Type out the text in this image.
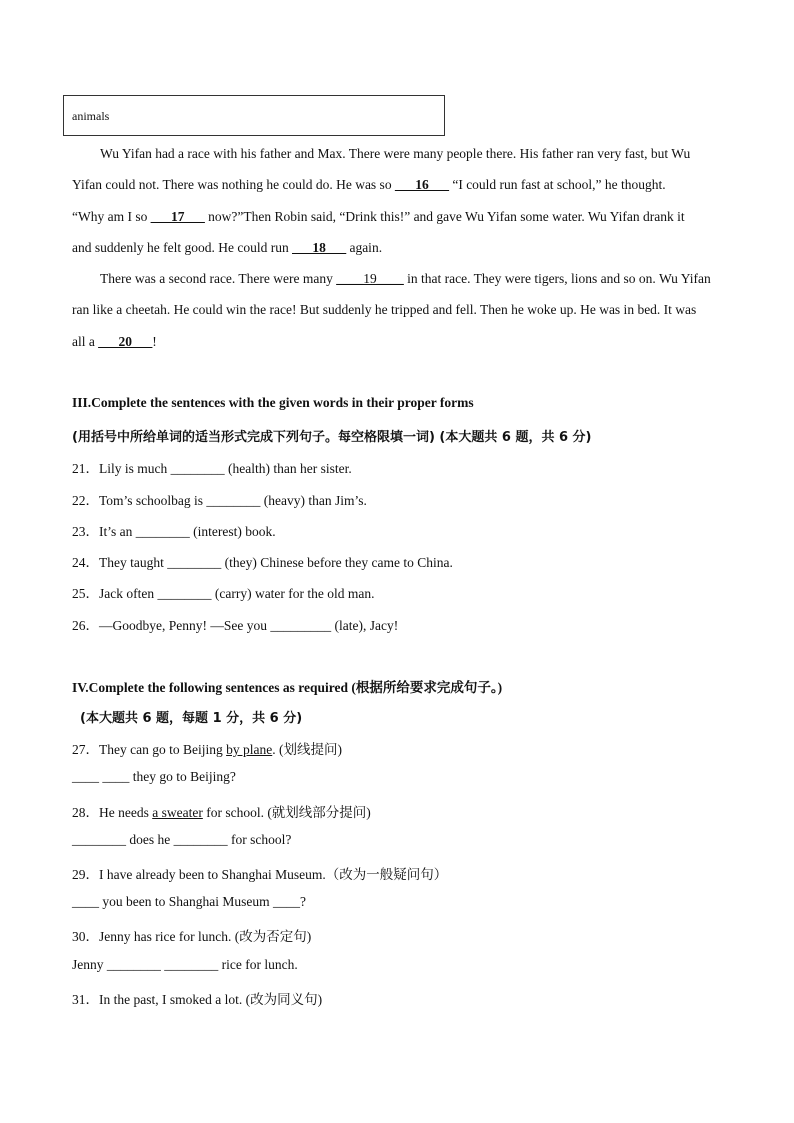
animals
Wu Yifan had a race with his father and Max. There were many people there. His father ran very fast, but Wu
Yifan could not. There was nothing he could do. He was so ___16___ “I could run fast at school,” he thought.
“Why am I so ___17___ now?”Then Robin said, “Drink this!” and gave Wu Yifan some water. Wu Yifan drank it
and suddenly he felt good. He could run ___18___ again.
There was a second race. There were many ____19____ in that race. They were tigers, lions and so on. Wu Yifan
ran like a cheetah. He could win the race! But suddenly he tripped and fell. Then he woke up. He was in bed. It was
all a ___20___!
III.Complete the sentences with the given words in their proper forms
(用括号中所给单词的适当形式完成下列句子。每空格限填一词) (本大题共 6 题，共 6 分)
21．Lily is much ________ (health) than her sister.
22．Tom’s schoolbag is ________ (heavy) than Jim’s.
23．It’s an ________ (interest) book.
24．They taught ________ (they) Chinese before they came to China.
25．Jack often ________ (carry) water for the old man.
26．—Goodbye, Penny! —See you _________ (late), Jacy!
IV.Complete the following sentences as required (根据所给要求完成句子。)
(本大题共 6 题，每题 1 分，共 6 分)
27．They can go to Beijing by plane. (划线提问)
____ ____ they go to Beijing?
28．He needs a sweater for school. (就划线部分提问)
________ does he ________ for school?
29．I have already been to Shanghai Museum.（改为一般疑问句）
____ you been to Shanghai Museum ____?
30．Jenny has rice for lunch. (改为否定句)
Jenny ________ ________ rice for lunch.
31．In the past, I smoked a lot. (改为同义句)
